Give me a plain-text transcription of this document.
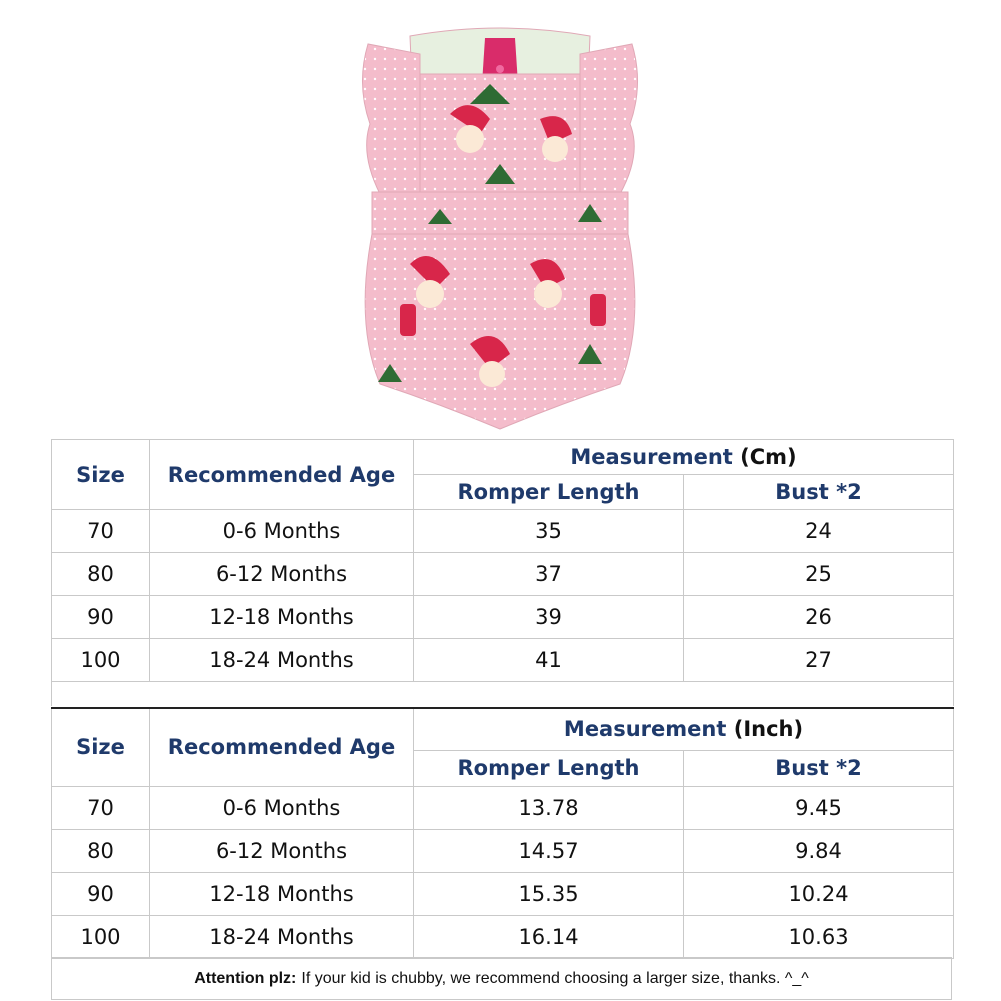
Size	Recommended Age	Measurement (Cm)	
		Romper Length	Bust *2
70	0-6 Months	35	24
80	6-12 Months	37	25
90	12-18 Months	39	26
100	18-24 Months	41	27
Size	Recommended Age	Measurement (Inch)	
		Romper Length	Bust *2
70	0-6 Months	13.78	9.45
80	6-12 Months	14.57	9.84
90	12-18 Months	15.35	10.24
100	18-24 Months	16.14	10.63
Attention plz: If your kid is chubby, we recommend choosing a larger size, thanks. ^_^
